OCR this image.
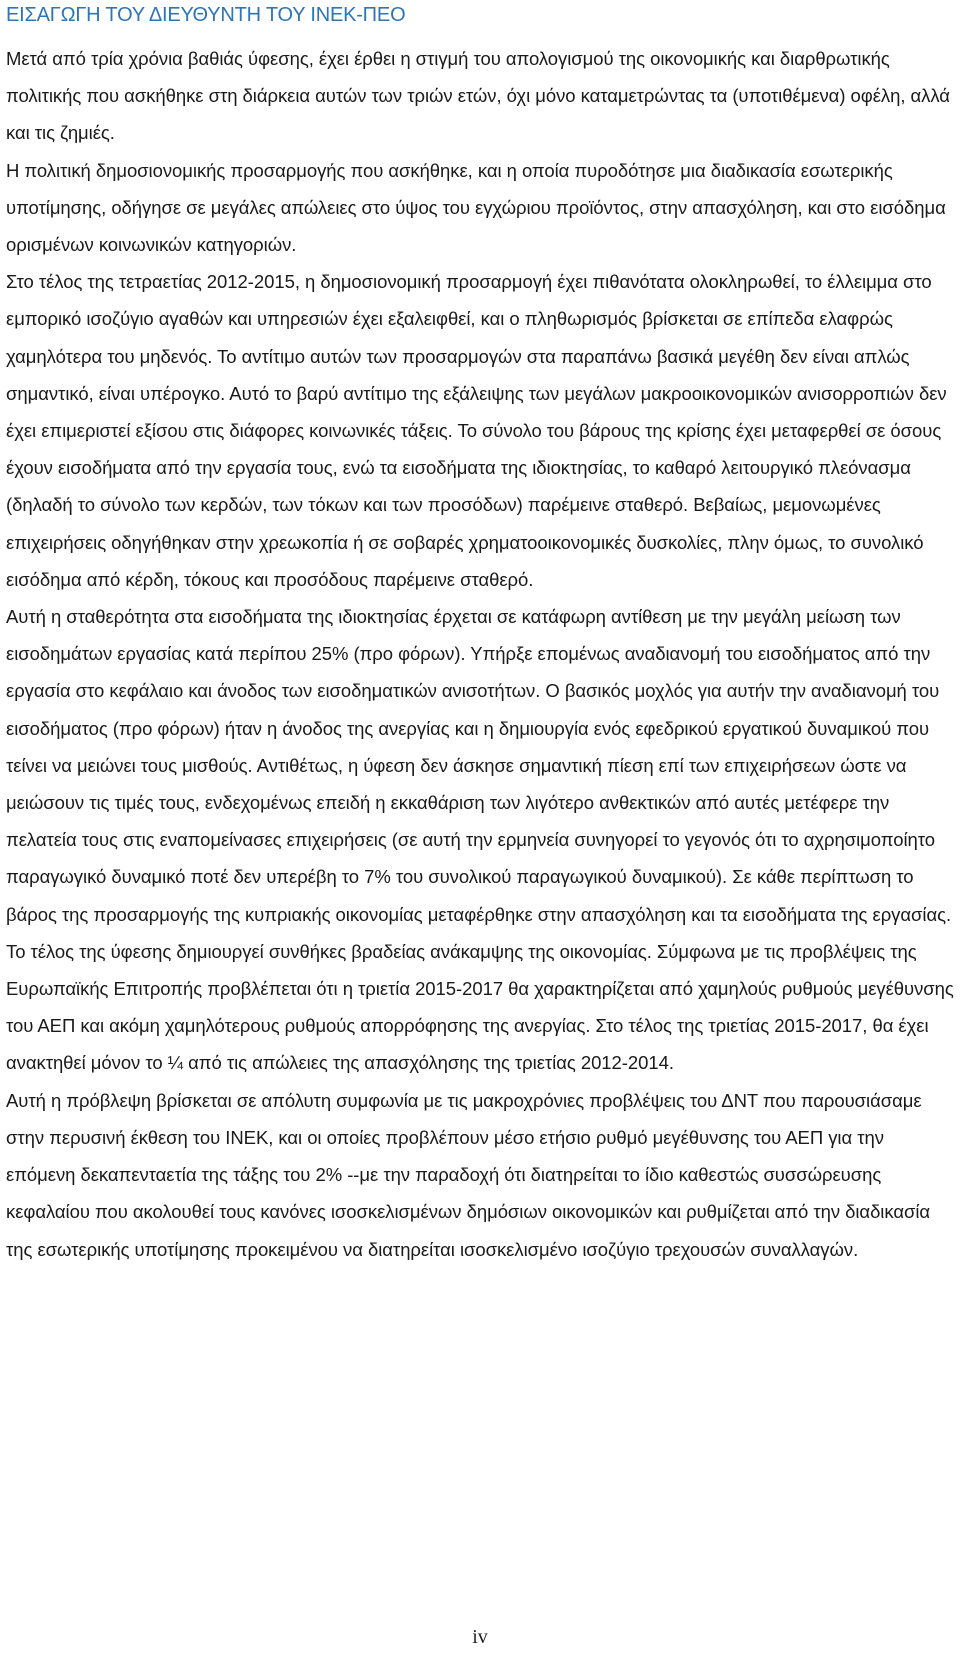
ΕΙΣΑΓΩΓΗ ΤΟΥ ΔΙΕΥΘΥΝΤΗ ΤΟΥ ΙΝΕΚ-ΠΕΟ

Μετά από τρία χρόνια βαθιάς ύφεσης, έχει έρθει η στιγμή του απολογισμού της οικονομικής και διαρθρωτικής πολιτικής που ασκήθηκε στη διάρκεια αυτών των τριών ετών, όχι μόνο καταμετρώντας τα (υποτιθέμενα) οφέλη, αλλά και τις ζημιές.

Η πολιτική δημοσιονομικής προσαρμογής που ασκήθηκε, και η οποία πυροδότησε μια διαδικασία εσωτερικής υποτίμησης, οδήγησε σε μεγάλες απώλειες στο ύψος του εγχώριου προϊόντος, στην απασχόληση, και στο εισόδημα ορισμένων κοινωνικών κατηγοριών.

Στο τέλος της τετραετίας 2012-2015, η δημοσιονομική προσαρμογή έχει πιθανότατα ολοκληρωθεί, το έλλειμμα στο εμπορικό ισοζύγιο αγαθών και υπηρεσιών έχει εξαλειφθεί, και ο πληθωρισμός βρίσκεται σε επίπεδα ελαφρώς χαμηλότερα του μηδενός. Το αντίτιμο αυτών των προσαρμογών στα παραπάνω βασικά μεγέθη δεν είναι απλώς σημαντικό, είναι υπέρογκο. Αυτό το βαρύ αντίτιμο της εξάλειψης των μεγάλων μακροοικονομικών ανισορροπιών δεν έχει επιμεριστεί εξίσου στις διάφορες κοινωνικές τάξεις. Το σύνολο του βάρους της κρίσης έχει μεταφερθεί σε όσους έχουν εισοδήματα από την εργασία τους, ενώ τα εισοδήματα της ιδιοκτησίας, το καθαρό λειτουργικό πλεόνασμα (δηλαδή το σύνολο των κερδών, των τόκων και των προσόδων) παρέμεινε σταθερό. Βεβαίως, μεμονωμένες επιχειρήσεις οδηγήθηκαν στην χρεωκοπία ή σε σοβαρές χρηματοοικονομικές δυσκολίες, πλην όμως, το συνολικό εισόδημα από κέρδη, τόκους και προσόδους παρέμεινε σταθερό.

Αυτή η σταθερότητα στα εισοδήματα της ιδιοκτησίας έρχεται σε κατάφωρη αντίθεση με την μεγάλη μείωση των εισοδημάτων εργασίας κατά περίπου 25% (προ φόρων). Υπήρξε επομένως αναδιανομή του εισοδήματος από την εργασία στο κεφάλαιο και άνοδος των εισοδηματικών ανισοτήτων. Ο βασικός μοχλός για αυτήν την αναδιανομή του εισοδήματος (προ φόρων) ήταν η άνοδος της ανεργίας και η δημιουργία ενός εφεδρικού εργατικού δυναμικού που τείνει να μειώνει τους μισθούς. Αντιθέτως, η ύφεση δεν άσκησε σημαντική πίεση επί των επιχειρήσεων ώστε να μειώσουν τις τιμές τους, ενδεχομένως επειδή η εκκαθάριση των λιγότερο ανθεκτικών από αυτές μετέφερε την πελατεία τους στις εναπομείνασες επιχειρήσεις (σε αυτή την ερμηνεία συνηγορεί το γεγονός ότι το αχρησιμοποίητο παραγωγικό δυναμικό ποτέ δεν υπερέβη το 7% του συνολικού παραγωγικού δυναμικού). Σε κάθε περίπτωση το βάρος της προσαρμογής της κυπριακής οικονομίας μεταφέρθηκε στην απασχόληση και τα εισοδήματα της εργασίας.

Το τέλος της ύφεσης δημιουργεί συνθήκες βραδείας ανάκαμψης της οικονομίας. Σύμφωνα με τις προβλέψεις της Ευρωπαϊκής Επιτροπής προβλέπεται ότι η τριετία 2015-2017 θα χαρακτηρίζεται από χαμηλούς ρυθμούς μεγέθυνσης του ΑΕΠ και ακόμη χαμηλότερους ρυθμούς απορρόφησης της ανεργίας. Στο τέλος της τριετίας 2015-2017, θα έχει ανακτηθεί μόνον το ¼ από τις απώλειες της απασχόλησης της τριετίας 2012-2014.

Αυτή η πρόβλεψη βρίσκεται σε απόλυτη συμφωνία με τις μακροχρόνιες προβλέψεις του ΔΝΤ που παρουσιάσαμε στην περυσινή έκθεση του ΙΝΕΚ, και οι οποίες προβλέπουν μέσο ετήσιο ρυθμό μεγέθυνσης του ΑΕΠ για την επόμενη δεκαπενταετία της τάξης του 2% --με την παραδοχή ότι διατηρείται το ίδιο καθεστώς συσσώρευσης κεφαλαίου που ακολουθεί τους κανόνες ισοσκελισμένων δημόσιων οικονομικών και ρυθμίζεται από την διαδικασία της εσωτερικής υποτίμησης προκειμένου να διατηρείται ισοσκελισμένο ισοζύγιο τρεχουσών συναλλαγών.

iv
